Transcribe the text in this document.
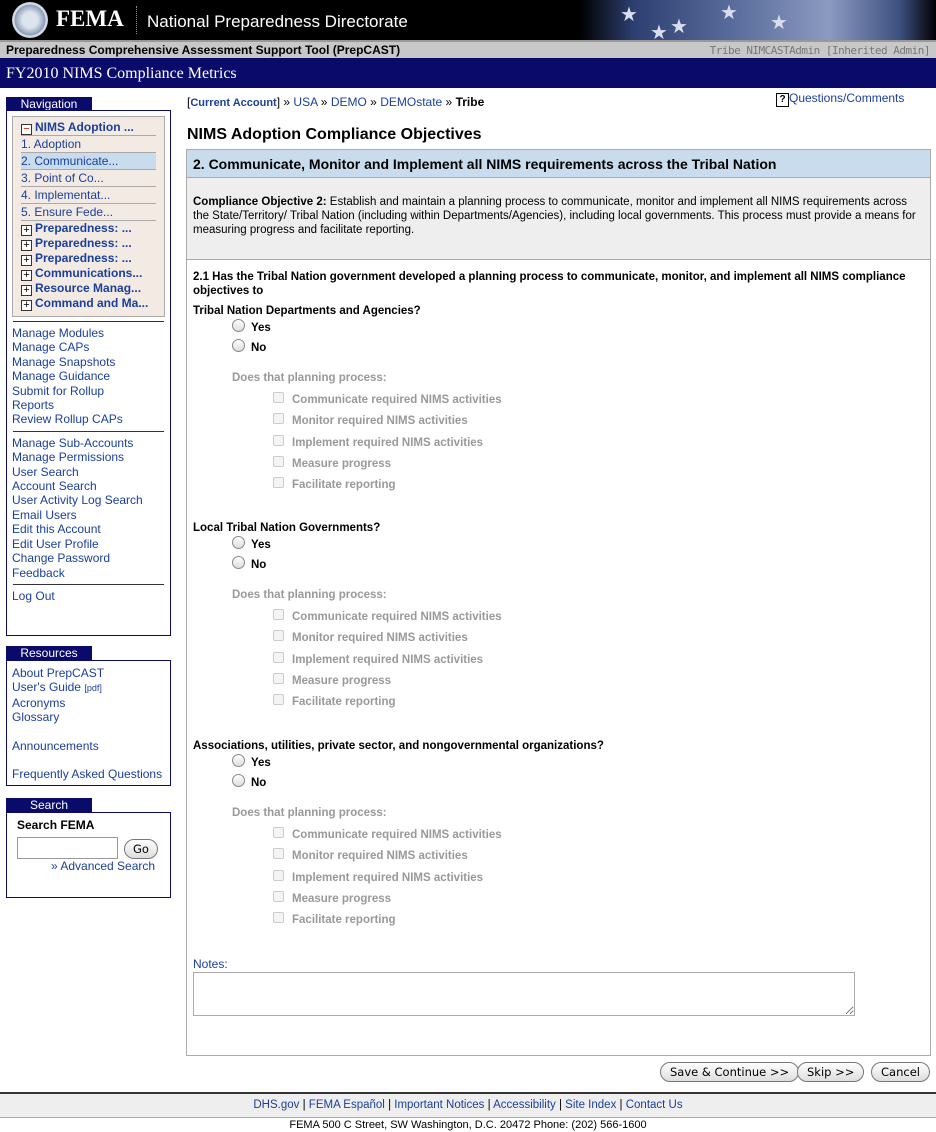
FEMA	National Preparedness Directorate	★
★
★
★	★
Preparedness Comprehensive Assessment Support Tool (PrepCAST)	Tribe NIMCASTAdmin [Inherited Admin]
FY2010 NIMS Compliance Metrics
Navigation
− NIMS Adoption ...
1. Adoption
2. Communicate...
3. Point of Co...
4. Implementat...
5. Ensure Fede...
+ Preparedness: ...
+ Preparedness: ...
+ Preparedness: ...
+ Communications...
+ Resource Manag...
+ Command and Ma...
Manage Modules
Manage CAPs
Manage Snapshots
Manage Guidance
Submit for Rollup
Reports
Review Rollup CAPs
Manage Sub-Accounts
Manage Permissions
User Search
Account Search
User Activity Log Search
Email Users
Edit this Account
Edit User Profile
Change Password
Feedback
Log Out
Resources
About PrepCAST
User's Guide [pdf]
Acronyms
Glossary
Announcements
Frequently Asked Questions
Search
Search FEMA
Go
» Advanced Search
[Current Account] » USA » DEMO » DEMOstate » Tribe	? Questions/Comments
NIMS Adoption Compliance Objectives
2. Communicate, Monitor and Implement all NIMS requirements across the Tribal Nation
Compliance Objective 2: Establish and maintain a planning process to communicate, monitor and implement all NIMS requirements across the State/Territory/ Tribal Nation (including within Departments/Agencies), including local governments. This process must provide a means for measuring progress and facilitate reporting.
2.1 Has the Tribal Nation government developed a planning process to communicate, monitor, and implement all NIMS compliance objectives to
Tribal Nation Departments and Agencies?
Yes
No
Does that planning process:
Communicate required NIMS activities
Monitor required NIMS activities
Implement required NIMS activities
Measure progress
Facilitate reporting
Local Tribal Nation Governments?
Yes
No
Does that planning process:
Communicate required NIMS activities
Monitor required NIMS activities
Implement required NIMS activities
Measure progress
Facilitate reporting
Associations, utilities, private sector, and nongovernmental organizations?
Yes
No
Does that planning process:
Communicate required NIMS activities
Monitor required NIMS activities
Implement required NIMS activities
Measure progress
Facilitate reporting
Notes:
Save & Continue >>	Skip >>	Cancel
DHS.gov | FEMA Español | Important Notices | Accessibility | Site Index | Contact Us
FEMA 500 C Street, SW Washington, D.C. 20472 Phone: (202) 566-1600
